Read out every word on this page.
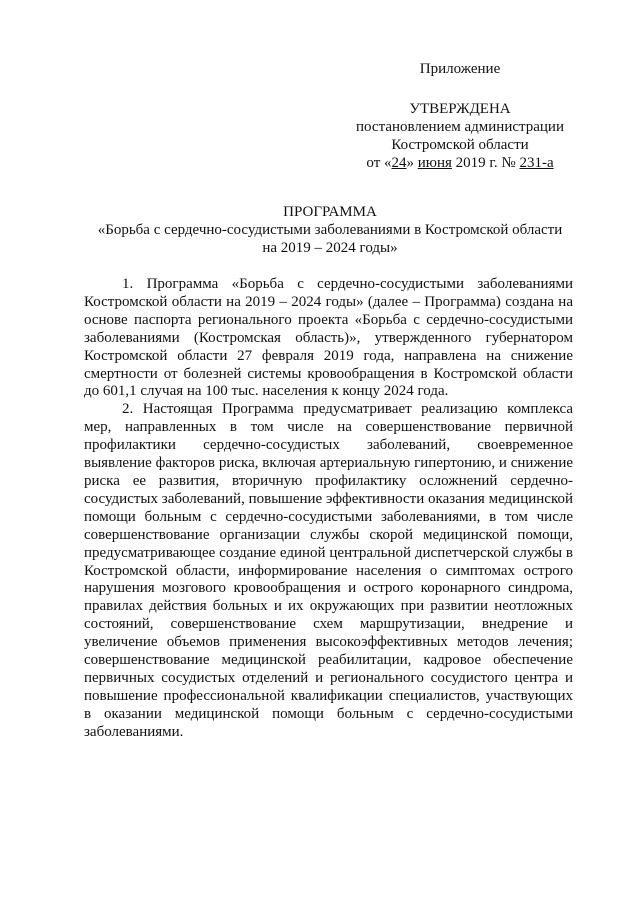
Приложение
УТВЕРЖДЕНА
постановлением администрации
Костромской области
от «24» июня 2019 г. № 231-а
ПРОГРАММА
«Борьба с сердечно-сосудистыми заболеваниями в Костромской области
на 2019 – 2024 годы»

1. Программа «Борьба с сердечно-сосудистыми заболеваниями Костромской области на 2019 – 2024 годы» (далее – Программа) создана на основе паспорта регионального проекта «Борьба с сердечно-сосудистыми заболеваниями (Костромская область)», утвержденного губернатором Костромской области 27 февраля 2019 года, направлена на снижение смертности от болезней системы кровообращения в Костромской области до 601,1 случая на 100 тыс. населения к концу 2024 года.

2. Настоящая Программа предусматривает реализацию комплекса мер, направленных в том числе на совершенствование первичной профилактики сердечно-сосудистых заболеваний, своевременное выявление факторов риска, включая артериальную гипертонию, и снижение риска ее развития, вторичную профилактику осложнений сердечно-сосудистых заболеваний, повышение эффективности оказания медицинской помощи больным с сердечно-сосудистыми заболеваниями, в том числе совершенствование организации службы скорой медицинской помощи, предусматривающее создание единой центральной диспетчерской службы в Костромской области, информирование населения о симптомах острого нарушения мозгового кровообращения и острого коронарного синдрома, правилах действия больных и их окружающих при развитии неотложных состояний, совершенствование схем маршрутизации, внедрение и увеличение объемов применения высокоэффективных методов лечения; совершенствование медицинской реабилитации, кадровое обеспечение первичных сосудистых отделений и регионального сосудистого центра и повышение профессиональной квалификации специалистов, участвующих в оказании медицинской помощи больным с сердечно-сосудистыми заболеваниями.
